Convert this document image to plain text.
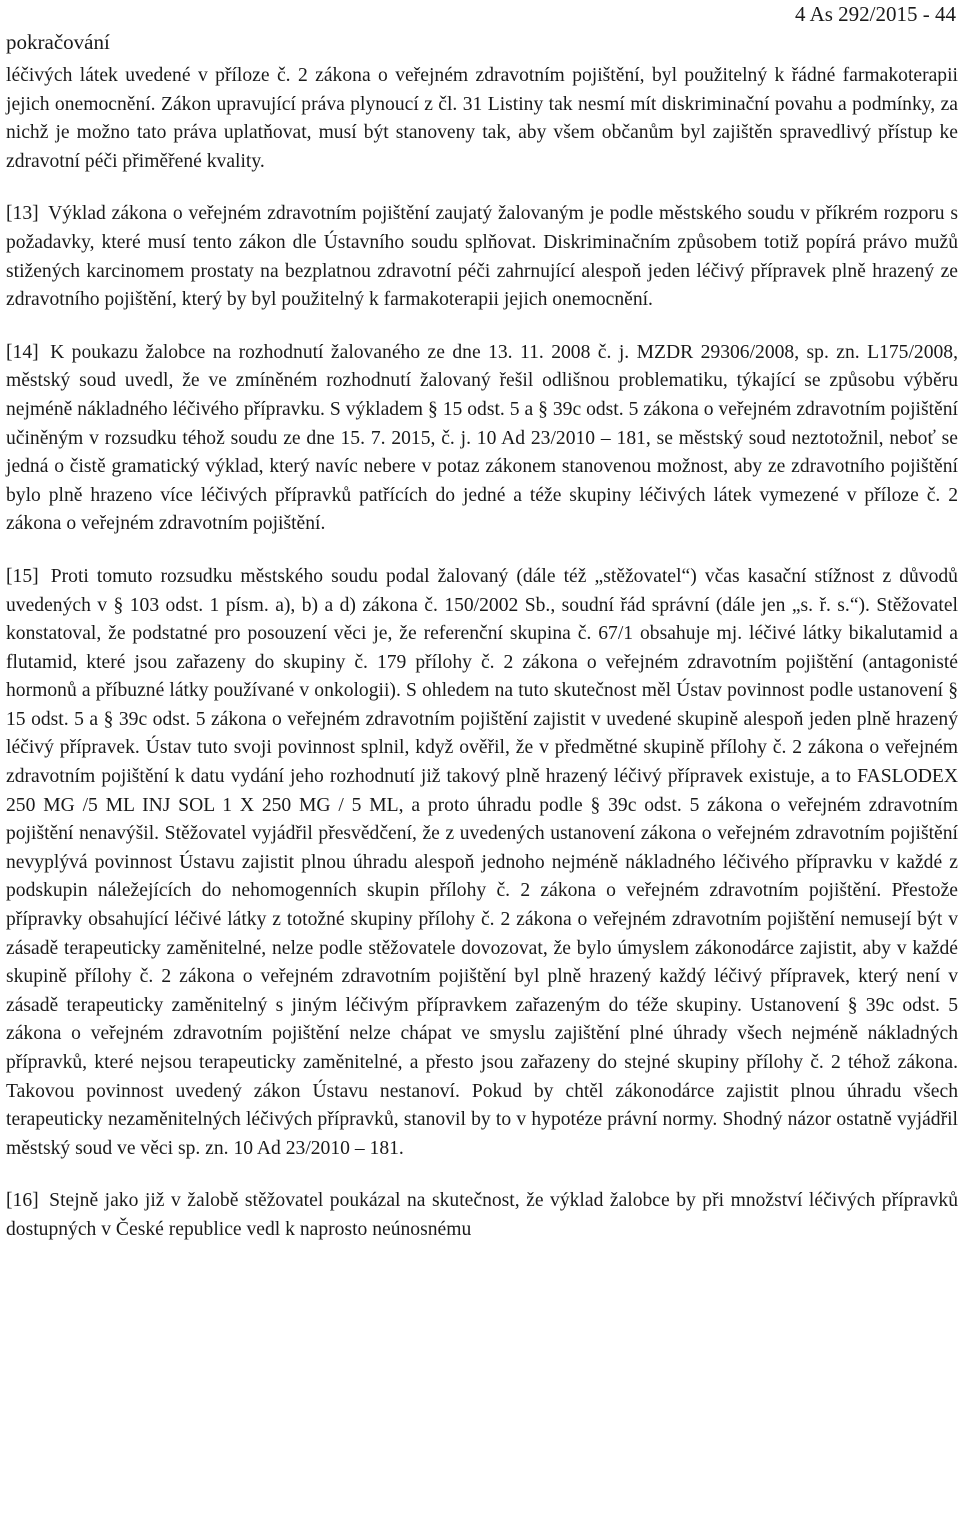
pokračování
4 As 292/2015 - 44

léčivých látek uvedené v příloze č. 2 zákona o veřejném zdravotním pojištění, byl použitelný k řádné farmakoterapii jejich onemocnění. Zákon upravující práva plynoucí z čl. 31 Listiny tak nesmí mít diskriminační povahu a podmínky, za nichž je možno tato práva uplatňovat, musí být stanoveny tak, aby všem občanům byl zajištěn spravedlivý přístup ke zdravotní péči přiměřené kvality.

[13] Výklad zákona o veřejném zdravotním pojištění zaujatý žalovaným je podle městského soudu v příkrém rozporu s požadavky, které musí tento zákon dle Ústavního soudu splňovat. Diskriminačním způsobem totiž popírá právo mužů stižených karcinomem prostaty na bezplatnou zdravotní péči zahrnující alespoň jeden léčivý přípravek plně hrazený ze zdravotního pojištění, který by byl použitelný k farmakoterapii jejich onemocnění.

[14] K poukazu žalobce na rozhodnutí žalovaného ze dne 13. 11. 2008 č. j. MZDR 29306/2008, sp. zn. L175/2008, městský soud uvedl, že ve zmíněném rozhodnutí žalovaný řešil odlišnou problematiku, týkající se způsobu výběru nejméně nákladného léčivého přípravku. S výkladem § 15 odst. 5 a § 39c odst. 5 zákona o veřejném zdravotním pojištění učiněným v rozsudku téhož soudu ze dne 15. 7. 2015, č. j. 10 Ad 23/2010 – 181, se městský soud neztotožnil, neboť se jedná o čistě gramatický výklad, který navíc nebere v potaz zákonem stanovenou možnost, aby ze zdravotního pojištění bylo plně hrazeno více léčivých přípravků patřících do jedné a téže skupiny léčivých látek vymezené v příloze č. 2 zákona o veřejném zdravotním pojištění.

[15] Proti tomuto rozsudku městského soudu podal žalovaný (dále též „stěžovatel“) včas kasační stížnost z důvodů uvedených v § 103 odst. 1 písm. a), b) a d) zákona č. 150/2002 Sb., soudní řád správní (dále jen „s. ř. s.“). Stěžovatel konstatoval, že podstatné pro posouzení věci je, že referenční skupina č. 67/1 obsahuje mj. léčivé látky bikalutamid a flutamid, které jsou zařazeny do skupiny č. 179 přílohy č. 2 zákona o veřejném zdravotním pojištění (antagonisté hormonů a příbuzné látky používané v onkologii). S ohledem na tuto skutečnost měl Ústav povinnost podle ustanovení § 15 odst. 5 a § 39c odst. 5 zákona o veřejném zdravotním pojištění zajistit v uvedené skupině alespoň jeden plně hrazený léčivý přípravek. Ústav tuto svoji povinnost splnil, když ověřil, že v předmětné skupině přílohy č. 2 zákona o veřejném zdravotním pojištění k datu vydání jeho rozhodnutí již takový plně hrazený léčivý přípravek existuje, a to FASLODEX 250 MG /5 ML INJ SOL 1 X 250 MG / 5 ML, a proto úhradu podle § 39c odst. 5 zákona o veřejném zdravotním pojištění nenavýšil. Stěžovatel vyjádřil přesvědčení, že z uvedených ustanovení zákona o veřejném zdravotním pojištění nevyplývá povinnost Ústavu zajistit plnou úhradu alespoň jednoho nejméně nákladného léčivého přípravku v každé z podskupin náležejících do nehomogenních skupin přílohy č. 2 zákona o veřejném zdravotním pojištění. Přestože přípravky obsahující léčivé látky z totožné skupiny přílohy č. 2 zákona o veřejném zdravotním pojištění nemusejí být v zásadě terapeuticky zaměnitelné, nelze podle stěžovatele dovozovat, že bylo úmyslem zákonodárce zajistit, aby v každé skupině přílohy č. 2 zákona o veřejném zdravotním pojištění byl plně hrazený každý léčivý přípravek, který není v zásadě terapeuticky zaměnitelný s jiným léčivým přípravkem zařazeným do téže skupiny. Ustanovení § 39c odst. 5 zákona o veřejném zdravotním pojištění nelze chápat ve smyslu zajištění plné úhrady všech nejméně nákladných přípravků, které nejsou terapeuticky zaměnitelné, a přesto jsou zařazeny do stejné skupiny přílohy č. 2 téhož zákona. Takovou povinnost uvedený zákon Ústavu nestanoví. Pokud by chtěl zákonodárce zajistit plnou úhradu všech terapeuticky nezaměnitelných léčivých přípravků, stanovil by to v hypotéze právní normy. Shodný názor ostatně vyjádřil městský soud ve věci sp. zn. 10 Ad 23/2010 – 181.

[16] Stejně jako již v žalobě stěžovatel poukázal na skutečnost, že výklad žalobce by při množství léčivých přípravků dostupných v České republice vedl k naprosto neúnosnému
